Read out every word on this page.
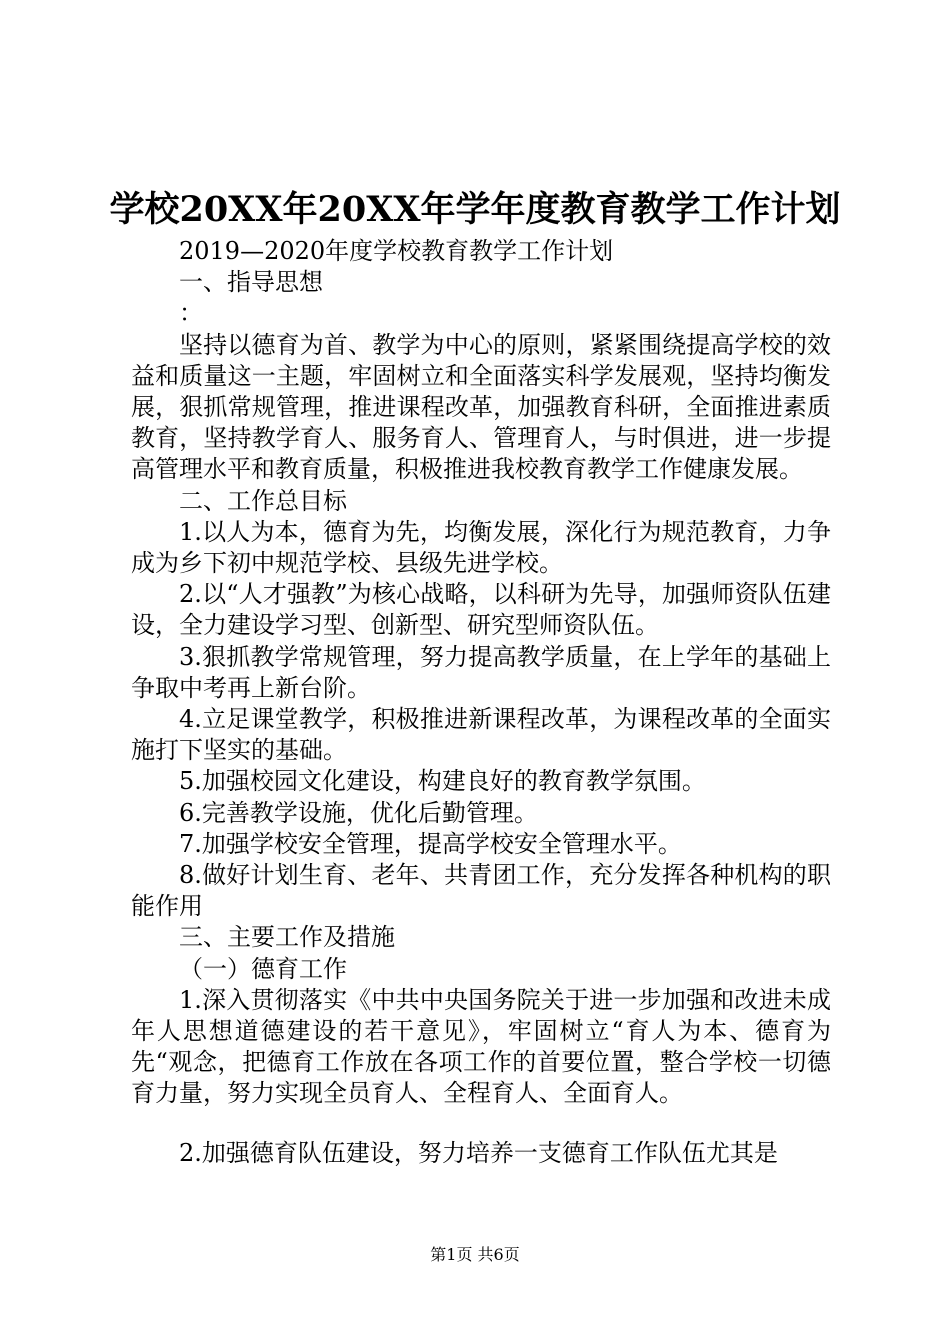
学校20XX年20XX年学年度教育教学工作计划

2019—2020年度学校教育教学工作计划

一、指导思想

：

坚持以德育为首、教学为中心的原则，紧紧围绕提高学校的效益和质量这一主题，牢固树立和全面落实科学发展观，坚持均衡发展，狠抓常规管理，推进课程改革，加强教育科研，全面推进素质教育，坚持教学育人、服务育人、管理育人，与时俱进，进一步提高管理水平和教育质量，积极推进我校教育教学工作健康发展。

二、工作总目标

1.以人为本，德育为先，均衡发展，深化行为规范教育，力争成为乡下初中规范学校、县级先进学校。

2.以“人才强教”为核心战略，以科研为先导，加强师资队伍建设，全力建设学习型、创新型、研究型师资队伍。

3.狠抓教学常规管理，努力提高教学质量，在上学年的基础上争取中考再上新台阶。

4.立足课堂教学，积极推进新课程改革，为课程改革的全面实施打下坚实的基础。

5.加强校园文化建设，构建良好的教育教学氛围。

6.完善教学设施，优化后勤管理。

7.加强学校安全管理，提高学校安全管理水平。

8.做好计划生育、老年、共青团工作，充分发挥各种机构的职能作用

三、主要工作及措施

（一）德育工作

1.深入贯彻落实《中共中央国务院关于进一步加强和改进未成年人思想道德建设的若干意见》，牢固树立“育人为本、德育为先“观念，把德育工作放在各项工作的首要位置，整合学校一切德育力量，努力实现全员育人、全程育人、全面育人。

2.加强德育队伍建设，努力培养一支德育工作队伍尤其是

第1页 共6页
